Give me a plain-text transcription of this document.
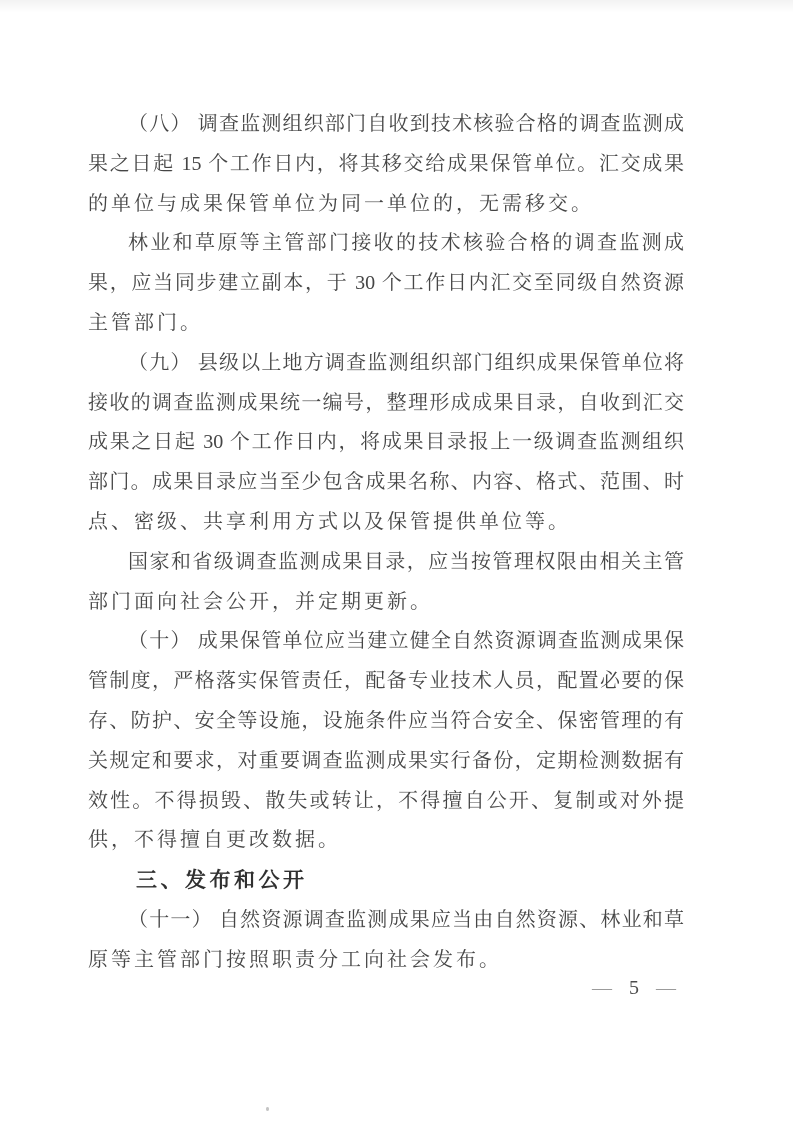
（八） 调查监测组织部门自收到技术核验合格的调查监测成
果之日起 15 个工作日内，将其移交给成果保管单位。汇交成果
的单位与成果保管单位为同一单位的，无需移交。
林业和草原等主管部门接收的技术核验合格的调查监测成
果，应当同步建立副本，于 30 个工作日内汇交至同级自然资源
主管部门。
（九） 县级以上地方调查监测组织部门组织成果保管单位将
接收的调查监测成果统一编号，整理形成成果目录，自收到汇交
成果之日起 30 个工作日内，将成果目录报上一级调查监测组织
部门。成果目录应当至少包含成果名称、内容、格式、范围、时
点、密级、共享利用方式以及保管提供单位等。
国家和省级调查监测成果目录，应当按管理权限由相关主管
部门面向社会公开，并定期更新。
（十） 成果保管单位应当建立健全自然资源调查监测成果保
管制度，严格落实保管责任，配备专业技术人员，配置必要的保
存、防护、安全等设施，设施条件应当符合安全、保密管理的有
关规定和要求，对重要调查监测成果实行备份，定期检测数据有
效性。不得损毁、散失或转让，不得擅自公开、复制或对外提
供，不得擅自更改数据。
三、发布和公开
（十一） 自然资源调查监测成果应当由自然资源、林业和草
原等主管部门按照职责分工向社会发布。
— 5 —
